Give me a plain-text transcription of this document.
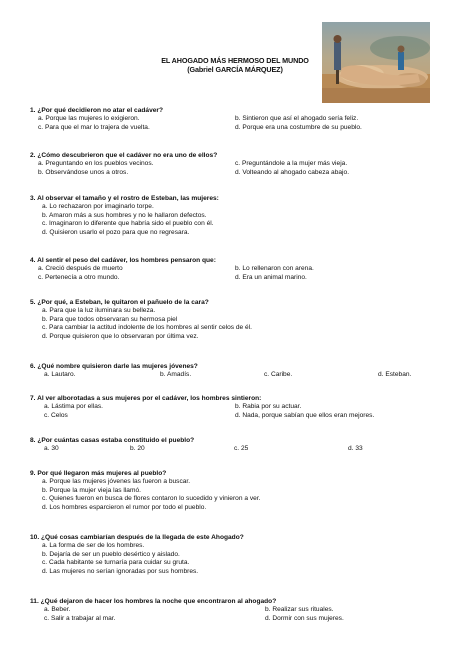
EL AHOGADO MÁS HERMOSO DEL MUNDO
(Gabriel GARCÍA MÁRQUEZ)
1. ¿Por qué decidieron no atar el cadáver?
a. Porque las mujeres lo exigieron.	b. Sintieron que así el ahogado sería feliz.
c. Para que el mar lo trajera de vuelta.	d. Porque era una costumbre de su pueblo.
2. ¿Cómo descubrieron que el cadáver no era uno de ellos?
a. Preguntando en los pueblos vecinos.	c. Preguntándole a la mujer más vieja.
b. Observándose unos a otros.	d. Volteando al ahogado cabeza abajo.
3. Al observar el tamaño y el rostro de Esteban, las mujeres:
a. Lo rechazaron por imaginarlo torpe.
b. Amaron más a sus hombres y no le hallaron defectos.
c. Imaginaron lo diferente que habría sido el pueblo con él.
d. Quisieron usarlo el pozo para que no regresara.
4. Al sentir el peso del cadáver, los hombres pensaron que:
a. Creció después de muerto	b. Lo rellenaron con arena.
c. Pertenecía a otro mundo.	d. Era un animal marino.
5. ¿Por qué, a Esteban, le quitaron el pañuelo de la cara?
a. Para que la luz iluminara su belleza.
b. Para que todos observaran su hermosa piel
c. Para cambiar la actitud indolente de los hombres al sentir celos de él.
d. Porque quisieron que lo observaran por última vez.
6. ¿Qué nombre quisieron darle las mujeres jóvenes?
a. Lautaro.	b. Amadís.	c. Caribe.	d. Esteban.
7. Al ver alborotadas a sus mujeres por el cadáver, los hombres sintieron:
a. Lástima por ellas.	b. Rabia por su actuar.
c. Celos	d. Nada, porque sabían que ellos eran mejores.
8. ¿Por cuántas casas estaba constituido el pueblo?
a. 30	b. 20	c. 25	d. 33
9. Por qué llegaron más mujeres al pueblo?
a. Porque las mujeres jóvenes las fueron a buscar.
b. Porque la mujer vieja las llamó.
c. Quienes fueron en busca de flores contaron lo sucedido y vinieron a ver.
d. Los hombres esparcieron el rumor por todo el pueblo.
10. ¿Qué cosas cambiarían después de la llegada de este Ahogado?
a. La forma de ser de los hombres.
b. Dejaría de ser un pueblo desértico y aislado.
c. Cada habitante se turnaría para cuidar su gruta.
d. Las mujeres no serían ignoradas por sus hombres.
11. ¿Qué dejaron de hacer los hombres la noche que encontraron al ahogado?
a. Beber.	b. Realizar sus rituales.
c. Salir a trabajar al mar.	d. Dormir con sus mujeres.
